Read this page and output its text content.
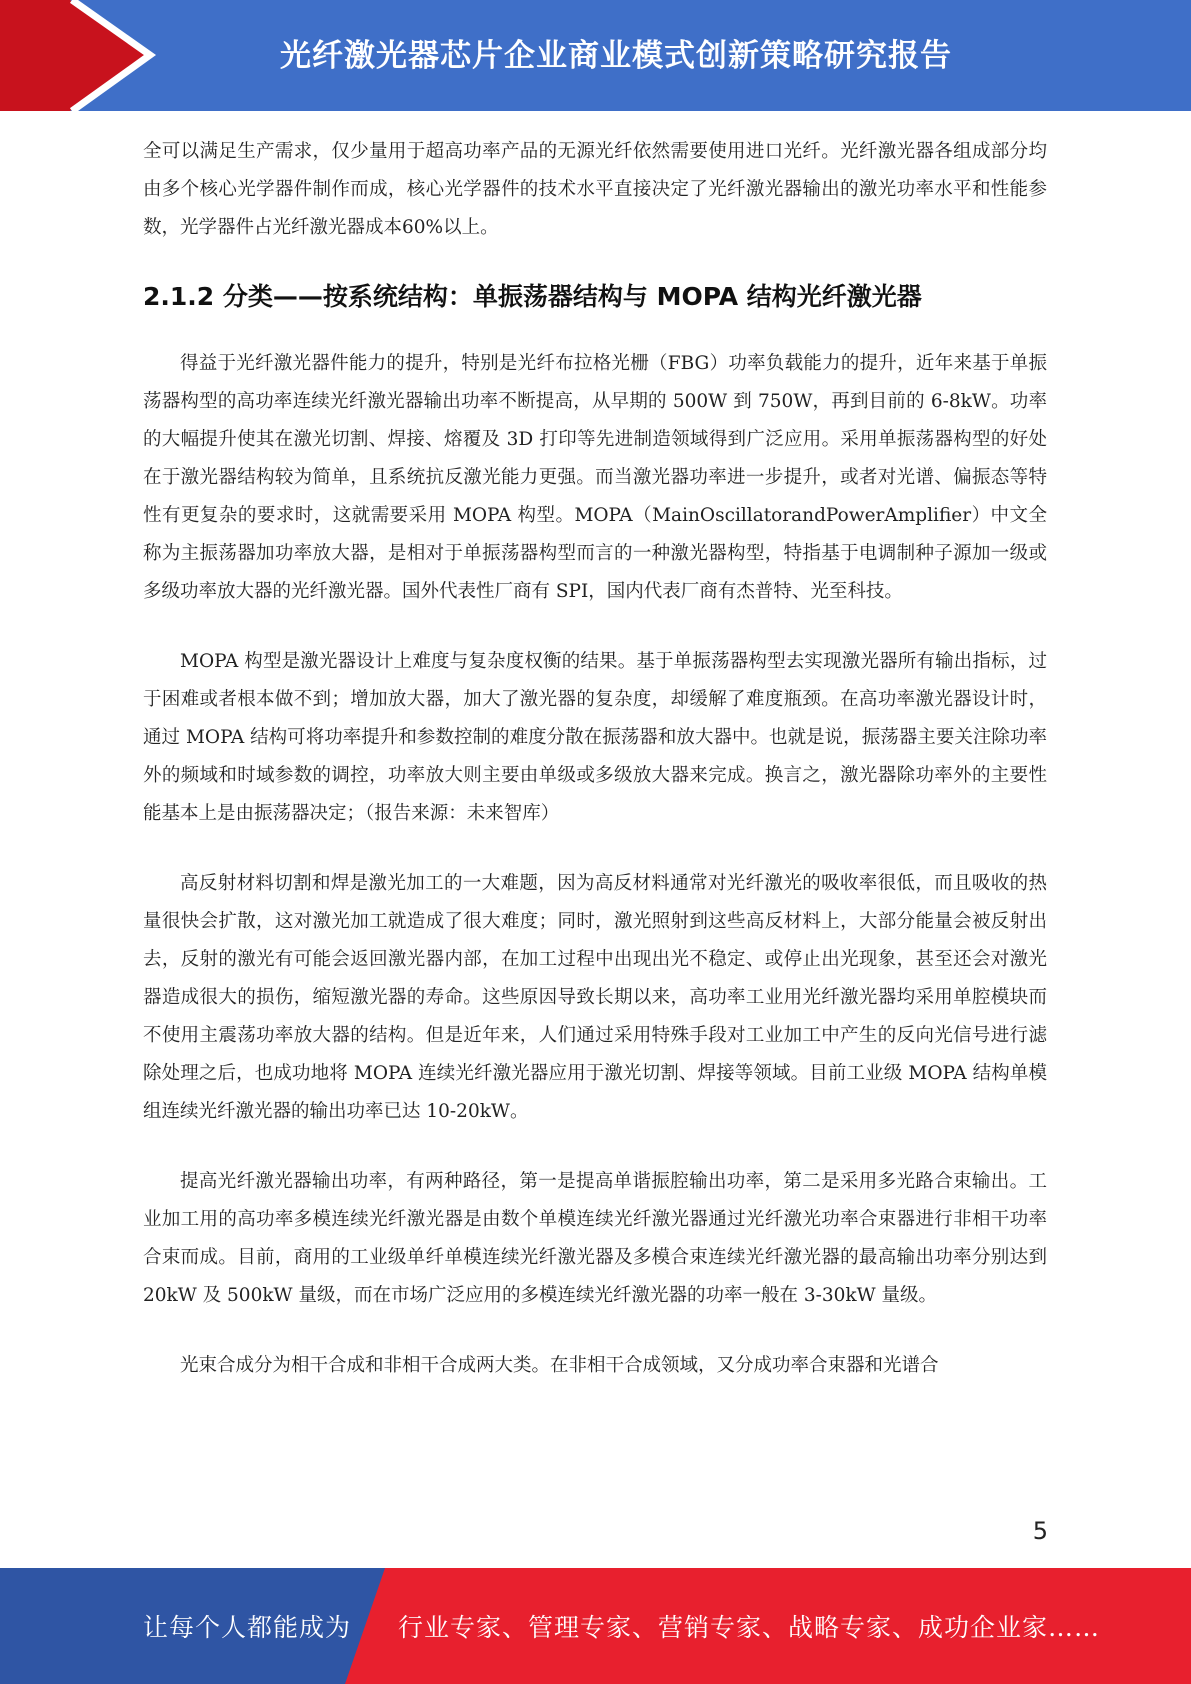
光纤激光器芯片企业商业模式创新策略研究报告

全可以满足生产需求，仅少量用于超高功率产品的无源光纤依然需要使用进口光纤。光纤激光器各组成部分均由多个核心光学器件制作而成，核心光学器件的技术水平直接决定了光纤激光器输出的激光功率水平和性能参数，光学器件占光纤激光器成本60%以上。

2.1.2 分类——按系统结构：单振荡器结构与 MOPA 结构光纤激光器

得益于光纤激光器件能力的提升，特别是光纤布拉格光栅（FBG）功率负载能力的提升，近年来基于单振荡器构型的高功率连续光纤激光器输出功率不断提高，从早期的 500W 到 750W，再到目前的 6-8kW。功率的大幅提升使其在激光切割、焊接、熔覆及 3D 打印等先进制造领域得到广泛应用。采用单振荡器构型的好处在于激光器结构较为简单，且系统抗反激光能力更强。而当激光器功率进一步提升，或者对光谱、偏振态等特性有更复杂的要求时，这就需要采用 MOPA 构型。MOPA（MainOscillatorandPowerAmplifier）中文全称为主振荡器加功率放大器，是相对于单振荡器构型而言的一种激光器构型，特指基于电调制种子源加一级或多级功率放大器的光纤激光器。国外代表性厂商有 SPI，国内代表厂商有杰普特、光至科技。

MOPA 构型是激光器设计上难度与复杂度权衡的结果。基于单振荡器构型去实现激光器所有输出指标，过于困难或者根本做不到；增加放大器，加大了激光器的复杂度，却缓解了难度瓶颈。在高功率激光器设计时，通过 MOPA 结构可将功率提升和参数控制的难度分散在振荡器和放大器中。也就是说，振荡器主要关注除功率外的频域和时域参数的调控，功率放大则主要由单级或多级放大器来完成。换言之，激光器除功率外的主要性能基本上是由振荡器决定；（报告来源：未来智库）

高反射材料切割和焊是激光加工的一大难题，因为高反材料通常对光纤激光的吸收率很低，而且吸收的热量很快会扩散，这对激光加工就造成了很大难度；同时，激光照射到这些高反材料上，大部分能量会被反射出去，反射的激光有可能会返回激光器内部，在加工过程中出现出光不稳定、或停止出光现象，甚至还会对激光器造成很大的损伤，缩短激光器的寿命。这些原因导致长期以来，高功率工业用光纤激光器均采用单腔模块而不使用主震荡功率放大器的结构。但是近年来，人们通过采用特殊手段对工业加工中产生的反向光信号进行滤除处理之后，也成功地将 MOPA 连续光纤激光器应用于激光切割、焊接等领域。目前工业级 MOPA 结构单模组连续光纤激光器的输出功率已达 10-20kW。

提高光纤激光器输出功率，有两种路径，第一是提高单谐振腔输出功率，第二是采用多光路合束输出。工业加工用的高功率多模连续光纤激光器是由数个单模连续光纤激光器通过光纤激光功率合束器进行非相干功率合束而成。目前，商用的工业级单纤单模连续光纤激光器及多模合束连续光纤激光器的最高输出功率分别达到 20kW 及 500kW 量级，而在市场广泛应用的多模连续光纤激光器的功率一般在 3-30kW 量级。

光束合成分为相干合成和非相干合成两大类。在非相干合成领域，又分成功率合束器和光谱合

5
让每个人都能成为 行业专家、管理专家、营销专家、战略专家、成功企业家……
